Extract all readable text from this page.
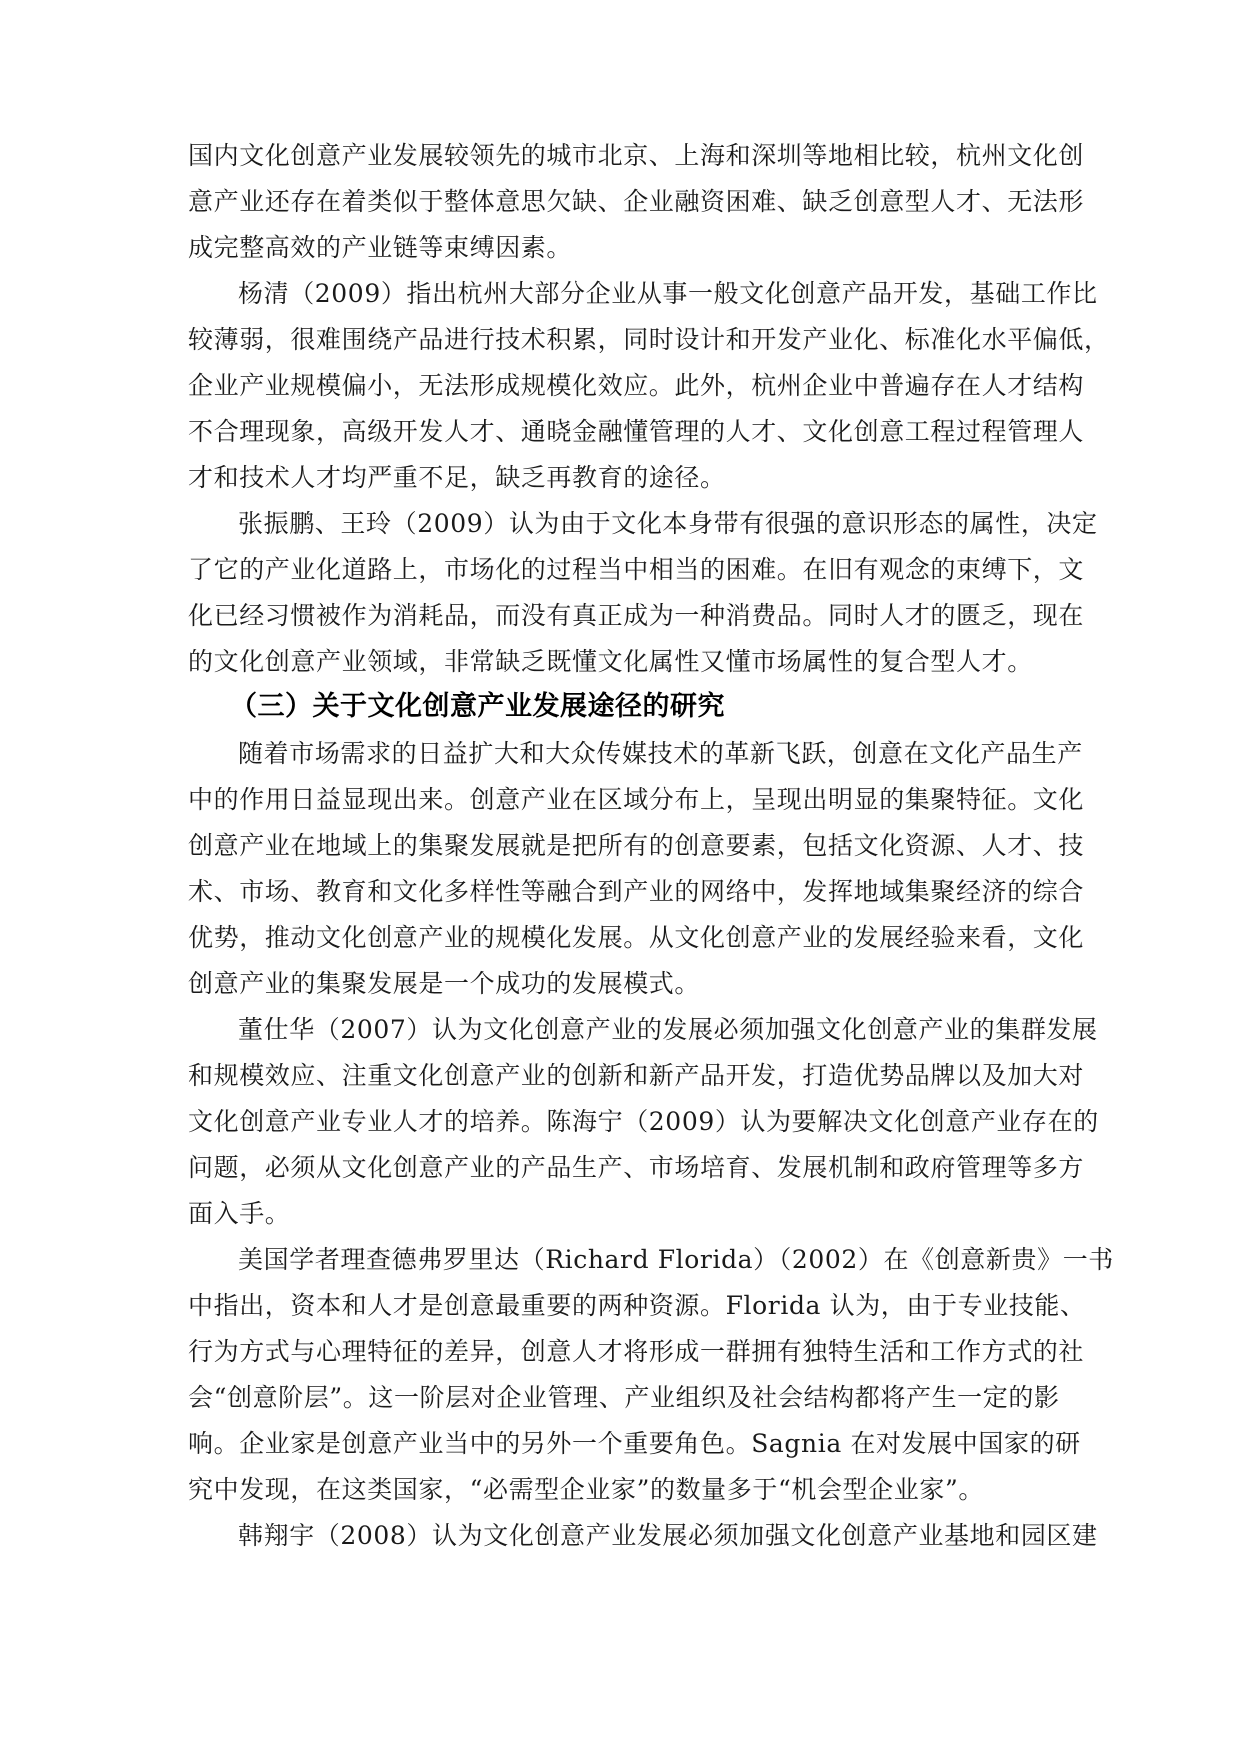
国内文化创意产业发展较领先的城市北京、上海和深圳等地相比较，杭州文化创
意产业还存在着类似于整体意思欠缺、企业融资困难、缺乏创意型人才、无法形
成完整高效的产业链等束缚因素。
杨清（2009）指出杭州大部分企业从事一般文化创意产品开发，基础工作比
较薄弱，很难围绕产品进行技术积累，同时设计和开发产业化、标准化水平偏低，
企业产业规模偏小，无法形成规模化效应。此外，杭州企业中普遍存在人才结构
不合理现象，高级开发人才、通晓金融懂管理的人才、文化创意工程过程管理人
才和技术人才均严重不足，缺乏再教育的途径。
张振鹏、王玲（2009）认为由于文化本身带有很强的意识形态的属性，决定
了它的产业化道路上，市场化的过程当中相当的困难。在旧有观念的束缚下，文
化已经习惯被作为消耗品，而没有真正成为一种消费品。同时人才的匮乏，现在
的文化创意产业领域，非常缺乏既懂文化属性又懂市场属性的复合型人才。
（三）关于文化创意产业发展途径的研究
随着市场需求的日益扩大和大众传媒技术的革新飞跃，创意在文化产品生产
中的作用日益显现出来。创意产业在区域分布上，呈现出明显的集聚特征。文化
创意产业在地域上的集聚发展就是把所有的创意要素，包括文化资源、人才、技
术、市场、教育和文化多样性等融合到产业的网络中，发挥地域集聚经济的综合
优势，推动文化创意产业的规模化发展。从文化创意产业的发展经验来看，文化
创意产业的集聚发展是一个成功的发展模式。
董仕华（2007）认为文化创意产业的发展必须加强文化创意产业的集群发展
和规模效应、注重文化创意产业的创新和新产品开发，打造优势品牌以及加大对
文化创意产业专业人才的培养。陈海宁（2009）认为要解决文化创意产业存在的
问题，必须从文化创意产业的产品生产、市场培育、发展机制和政府管理等多方
面入手。
美国学者理查德弗罗里达（Richard Florida）（2002）在《创意新贵》一书
中指出，资本和人才是创意最重要的两种资源。Florida 认为，由于专业技能、
行为方式与心理特征的差异，创意人才将形成一群拥有独特生活和工作方式的社
会“创意阶层”。这一阶层对企业管理、产业组织及社会结构都将产生一定的影
响。企业家是创意产业当中的另外一个重要角色。Sagnia 在对发展中国家的研
究中发现，在这类国家，“必需型企业家”的数量多于“机会型企业家”。
韩翔宇（2008）认为文化创意产业发展必须加强文化创意产业基地和园区建
